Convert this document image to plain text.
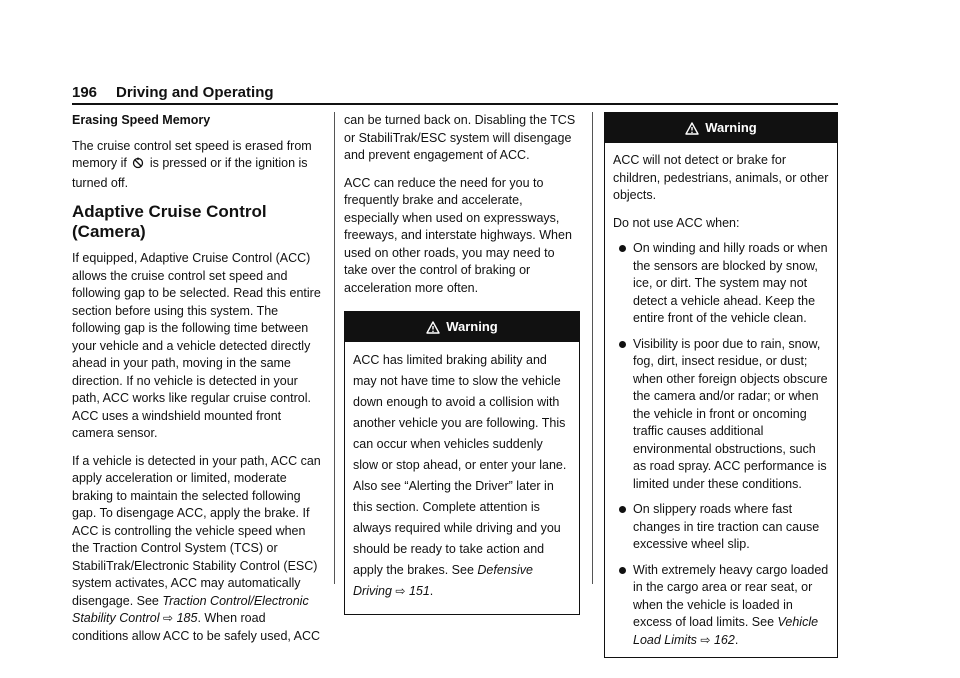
196 Driving and Operating
Erasing Speed Memory

The cruise control set speed is erased from memory if  is pressed or if the ignition is turned off.

Adaptive Cruise Control (Camera)

If equipped, Adaptive Cruise Control (ACC) allows the cruise control set speed and following gap to be selected. Read this entire section before using this system. The following gap is the following time between your vehicle and a vehicle detected directly ahead in your path, moving in the same direction. If no vehicle is detected in your path, ACC works like regular cruise control. ACC uses a windshield mounted front camera sensor.

If a vehicle is detected in your path, ACC can apply acceleration or limited, moderate braking to maintain the selected following gap. To disengage ACC, apply the brake. If ACC is controlling the vehicle speed when the Traction Control System (TCS) or StabiliTrak/Electronic Stability Control (ESC) system activates, ACC may automatically disengage. See Traction Control/Electronic Stability Control ⇨ 185. When road conditions allow ACC to be safely used, ACC

can be turned back on. Disabling the TCS or StabiliTrak/ESC system will disengage and prevent engagement of ACC.

ACC can reduce the need for you to frequently brake and accelerate, especially when used on expressways, freeways, and interstate highways. When used on other roads, you may need to take over the control of braking or acceleration more often.

Warning

ACC has limited braking ability and may not have time to slow the vehicle down enough to avoid a collision with another vehicle you are following. This can occur when vehicles suddenly slow or stop ahead, or enter your lane. Also see “Alerting the Driver” later in this section. Complete attention is always required while driving and you should be ready to take action and apply the brakes. See Defensive Driving ⇨ 151.

Warning

ACC will not detect or brake for children, pedestrians, animals, or other objects.

Do not use ACC when:

On winding and hilly roads or when the sensors are blocked by snow, ice, or dirt. The system may not detect a vehicle ahead. Keep the entire front of the vehicle clean.
Visibility is poor due to rain, snow, fog, dirt, insect residue, or dust; when other foreign objects obscure the camera and/or radar; or when the vehicle in front or oncoming traffic causes additional environmental obstructions, such as road spray. ACC performance is limited under these conditions.
On slippery roads where fast changes in tire traction can cause excessive wheel slip.
With extremely heavy cargo loaded in the cargo area or rear seat, or when the vehicle is loaded in excess of load limits. See Vehicle Load Limits ⇨ 162.
